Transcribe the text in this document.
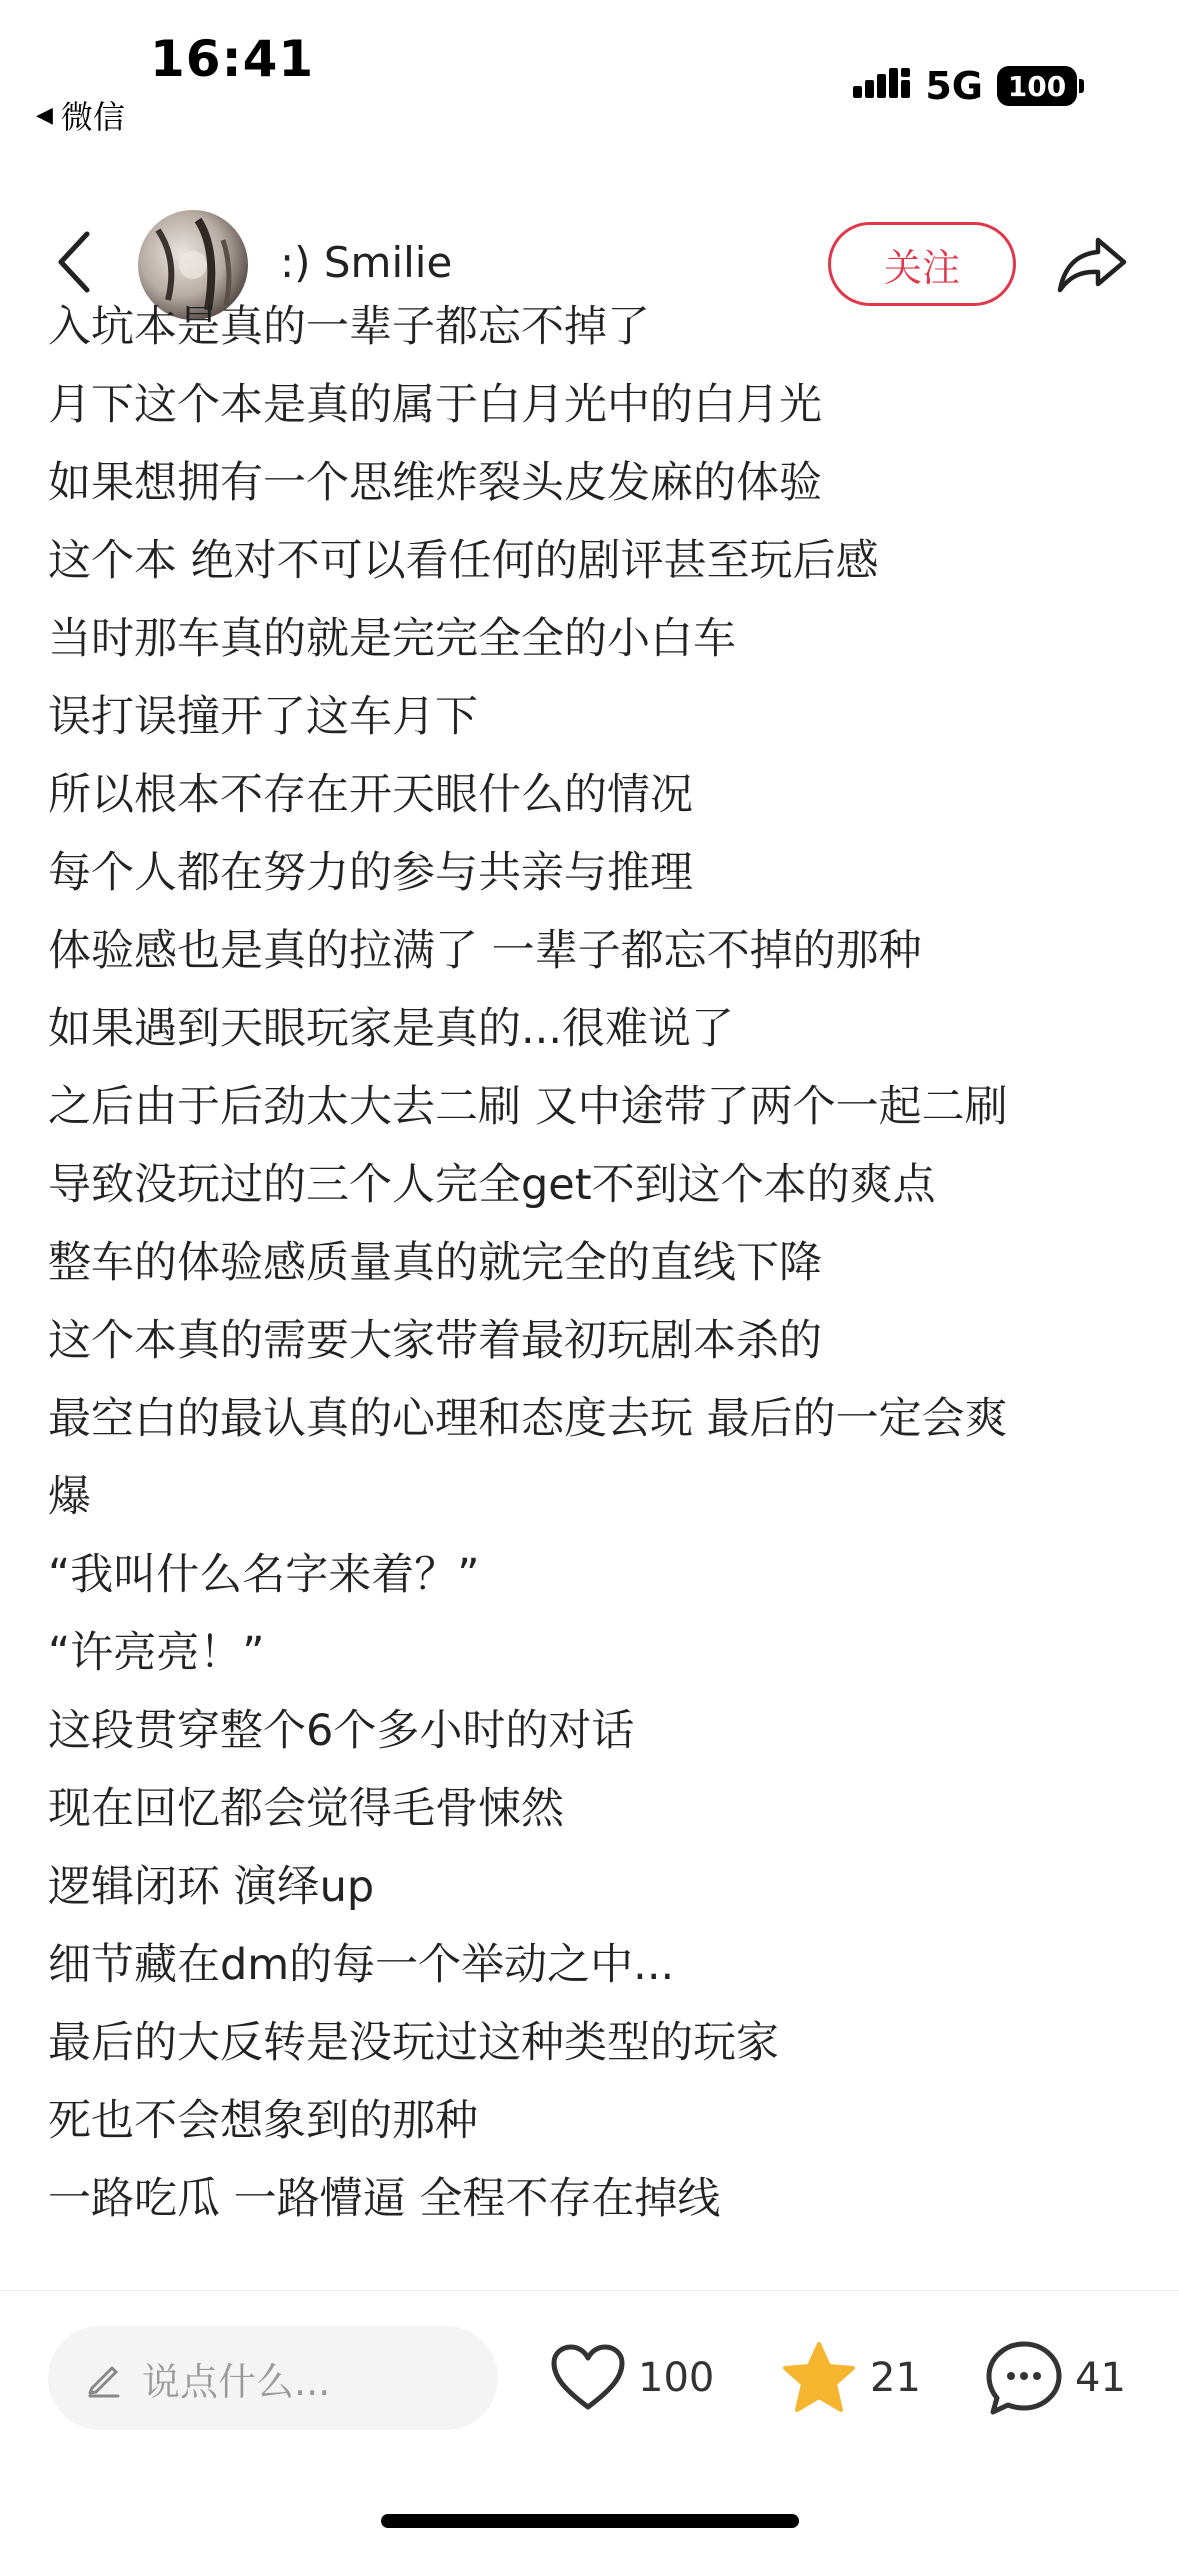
16:41
◀ 微信
5G 100
:) Smilie	关注
入坑本是真的一辈子都忘不掉了
月下这个本是真的属于白月光中的白月光
如果想拥有一个思维炸裂头皮发麻的体验
这个本 绝对不可以看任何的剧评甚至玩后感
当时那车真的就是完完全全的小白车
误打误撞开了这车月下
所以根本不存在开天眼什么的情况
每个人都在努力的参与共亲与推理
体验感也是真的拉满了 一辈子都忘不掉的那种
如果遇到天眼玩家是真的...很难说了
之后由于后劲太大去二刷 又中途带了两个一起二刷
导致没玩过的三个人完全get不到这个本的爽点
整车的体验感质量真的就完全的直线下降
这个本真的需要大家带着最初玩剧本杀的
最空白的最认真的心理和态度去玩 最后的一定会爽
爆
“我叫什么名字来着？”
“许亮亮！”
这段贯穿整个6个多小时的对话
现在回忆都会觉得毛骨悚然
逻辑闭环 演绎up
细节藏在dm的每一个举动之中...
最后的大反转是没玩过这种类型的玩家
死也不会想象到的那种
一路吃瓜 一路懵逼 全程不存在掉线
说点什么...	100	21	41
